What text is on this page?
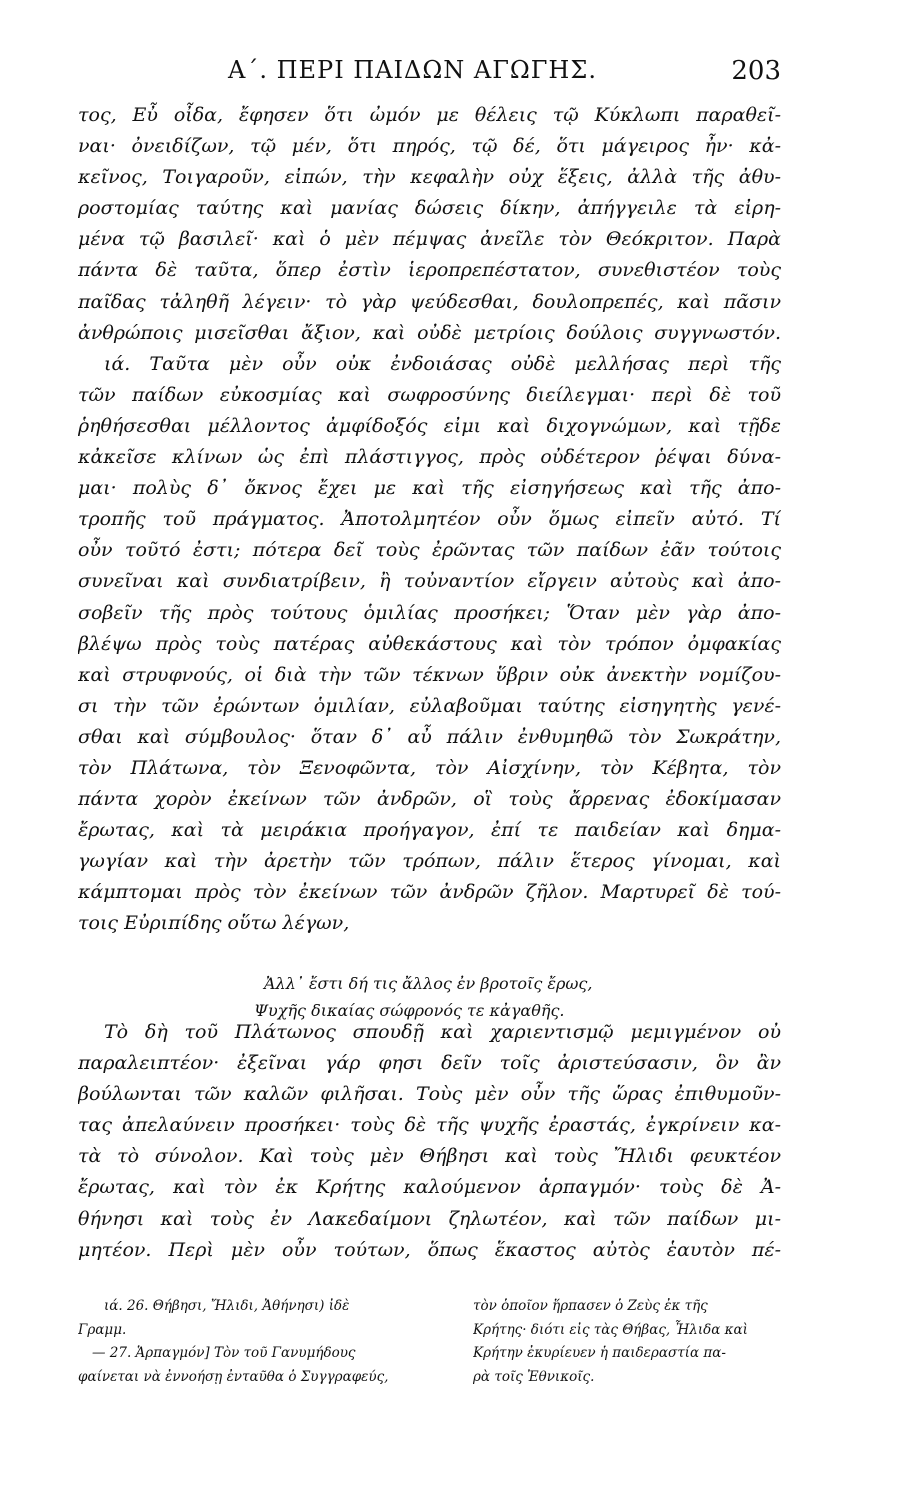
Α΄. ΠΕΡΙ ΠΑΙΔΩΝ ΑΓΩΓΗΣ.	203
τος, Εὖ οἶδα, ἔφησεν ὅτι ὠμόν με θέλεις τῷ Κύκλωπι παραθεῖ-
ναι· ὀνειδίζων, τῷ μέν, ὅτι πηρός, τῷ δέ, ὅτι μάγειρος ἦν· κἀ-
κεῖνος, Τοιγαροῦν, εἰπών, τὴν κεφαλὴν οὐχ ἕξεις, ἀλλὰ τῆς ἀθυ-
ροστομίας ταύτης καὶ μανίας δώσεις δίκην, ἀπήγγειλε τὰ εἰρη-
μένα τῷ βασιλεῖ· καὶ ὁ μὲν πέμψας ἀνεῖλε τὸν Θεόκριτον. Παρὰ
πάντα δὲ ταῦτα, ὅπερ ἐστὶν ἱεροπρεπέστατον, συνεθιστέον τοὺς
παῖδας τἀληθῆ λέγειν· τὸ γὰρ ψεύδεσθαι, δουλοπρεπές, καὶ πᾶσιν
ἀνθρώποις μισεῖσθαι ἄξιον, καὶ οὐδὲ μετρίοις δούλοις συγγνωστόν.
ιά. Ταῦτα μὲν οὖν οὐκ ἐνδοιάσας οὐδὲ μελλήσας περὶ τῆς
τῶν παίδων εὐκοσμίας καὶ σωφροσύνης διείλεγμαι· περὶ δὲ τοῦ
ῥηθήσεσθαι μέλλοντος ἀμφίδοξός εἰμι καὶ διχογνώμων, καὶ τῇδε
κἀκεῖσε κλίνων ὡς ἐπὶ πλάστιγγος, πρὸς οὐδέτερον ῥέψαι δύνα-
μαι· πολὺς δ᾽ ὄκνος ἔχει με καὶ τῆς εἰσηγήσεως καὶ τῆς ἀπο-
τροπῆς τοῦ πράγματος. Ἀποτολμητέον οὖν ὅμως εἰπεῖν αὐτό. Τί
οὖν τοῦτό ἐστι; πότερα δεῖ τοὺς ἐρῶντας τῶν παίδων ἐᾶν τούτοις
συνεῖναι καὶ συνδιατρίβειν, ἢ τοὐναντίον εἴργειν αὐτοὺς καὶ ἀπο-
σοβεῖν τῆς πρὸς τούτους ὁμιλίας προσήκει; Ὅταν μὲν γὰρ ἀπο-
βλέψω πρὸς τοὺς πατέρας αὐθεκάστους καὶ τὸν τρόπον ὀμφακίας
καὶ στρυφνούς, οἱ διὰ τὴν τῶν τέκνων ὕβριν οὐκ ἀνεκτὴν νομίζου-
σι τὴν τῶν ἐρώντων ὁμιλίαν, εὐλαβοῦμαι ταύτης εἰσηγητὴς γενέ-
σθαι καὶ σύμβουλος· ὅταν δ᾽ αὖ πάλιν ἐνθυμηθῶ τὸν Σωκράτην,
τὸν Πλάτωνα, τὸν Ξενοφῶντα, τὸν Αἰσχίνην, τὸν Κέβητα, τὸν
πάντα χορὸν ἐκείνων τῶν ἀνδρῶν, οἳ τοὺς ἄρρενας ἐδοκίμασαν
ἔρωτας, καὶ τὰ μειράκια προήγαγον, ἐπί τε παιδείαν καὶ δημα-
γωγίαν καὶ τὴν ἀρετὴν τῶν τρόπων, πάλιν ἕτερος γίνομαι, καὶ
κάμπτομαι πρὸς τὸν ἐκείνων τῶν ἀνδρῶν ζῆλον. Μαρτυρεῖ δὲ τού-
τοις Εὐριπίδης οὕτω λέγων,
Ἀλλ᾽ ἔστι δή τις ἄλλος ἐν βροτοῖς ἔρως,
Ψυχῆς δικαίας σώφρονός τε κἀγαθῆς.
Τὸ δὴ τοῦ Πλάτωνος σπουδῇ καὶ χαριεντισμῷ μεμιγμένον οὐ
παραλειπτέον· ἐξεῖναι γάρ φησι δεῖν τοῖς ἀριστεύσασιν, ὃν ἂν
βούλωνται τῶν καλῶν φιλῆσαι. Τοὺς μὲν οὖν τῆς ὥρας ἐπιθυμοῦν-
τας ἀπελαύνειν προσήκει· τοὺς δὲ τῆς ψυχῆς ἐραστάς, ἐγκρίνειν κα-
τὰ τὸ σύνολον. Καὶ τοὺς μὲν Θήβησι καὶ τοὺς Ἤλιδι φευκτέον
ἔρωτας, καὶ τὸν ἐκ Κρήτης καλούμενον ἁρπαγμόν· τοὺς δὲ Ἀ-
θήνησι καὶ τοὺς ἐν Λακεδαίμονι ζηλωτέον, καὶ τῶν παίδων μι-
μητέον. Περὶ μὲν οὖν τούτων, ὅπως ἕκαστος αὐτὸς ἑαυτὸν πέ-
ιά. 26. Θήβησι, Ἤλιδι, Ἀθήνησι) ἰδὲ
Γραμμ.
— 27. Ἁρπαγμόν] Τὸν τοῦ Γανυμήδους
φαίνεται νὰ ἐννοήσῃ ἐνταῦθα ὁ Συγγραφεύς,
τὸν ὁποῖον ἥρπασεν ὁ Ζεὺς ἐκ τῆς
Κρήτης· διότι εἰς τὰς Θήβας, Ἦλιδα καὶ
Κρήτην ἐκυρίευεν ἡ παιδεραστία πα-
ρὰ τοῖς Ἐθνικοῖς.
